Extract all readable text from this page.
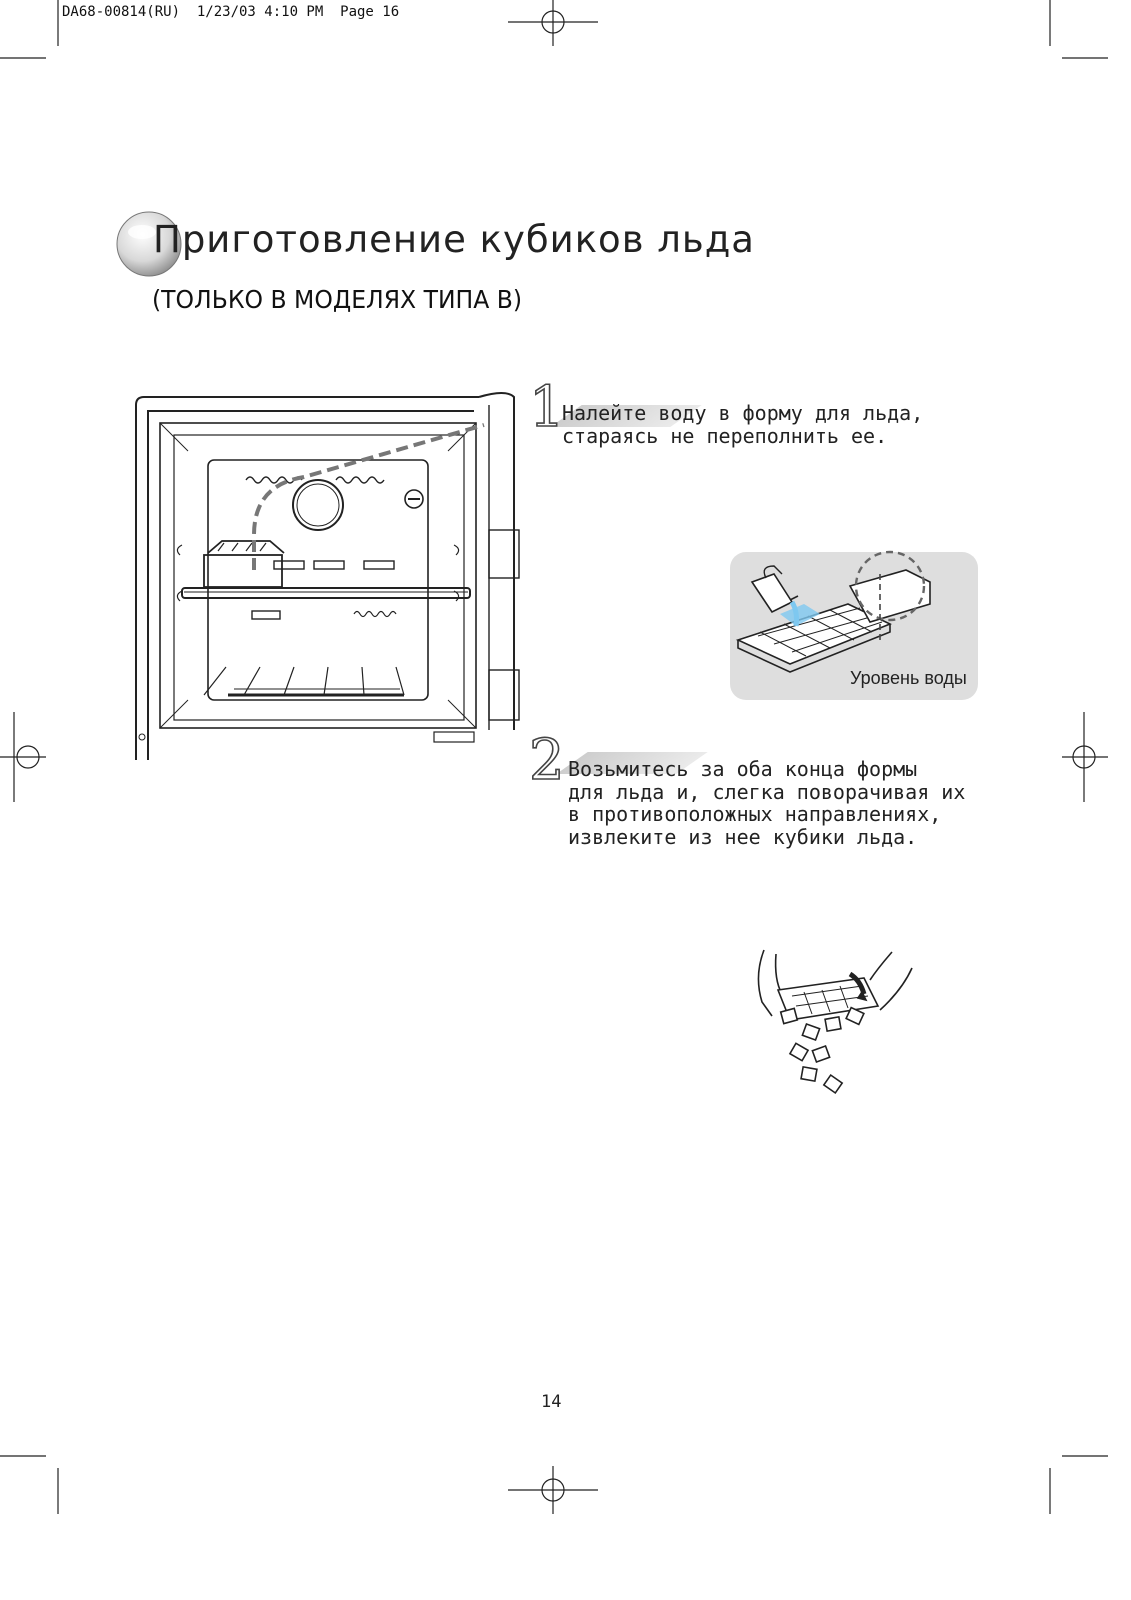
DA68-00814(RU)  1/23/03 4:10 PM  Page 16
Приготовление кубиков льда
(ТОЛЬКО В МОДЕЛЯХ ТИПА В)
1
Налейте воду в форму для льда,
стараясь не переполнить ее.
Уровень воды
2 Возьмитесь за оба конца формы
для льда и, слегка поворачивая их
в противоположных направлениях,
извлеките из нее кубики льда.
14
